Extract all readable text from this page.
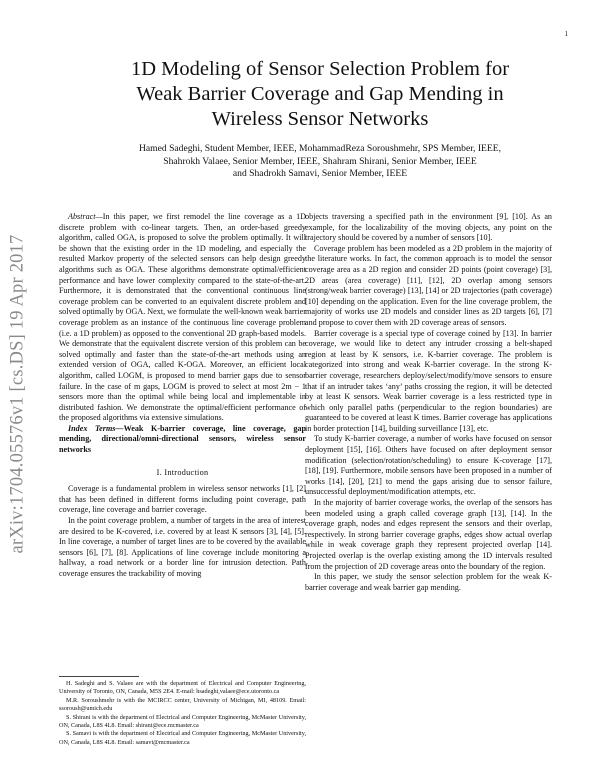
1
arXiv:1704.05576v1 [cs.DS] 19 Apr 2017
1D Modeling of Sensor Selection Problem for
Weak Barrier Coverage and Gap Mending in
Wireless Sensor Networks
Hamed Sadeghi, Student Member, IEEE, MohammadReza Soroushmehr, SPS Member, IEEE,
Shahrokh Valaee, Senior Member, IEEE, Shahram Shirani, Senior Member, IEEE
and Shadrokh Samavi, Senior Member, IEEE

Abstract—In this paper, we first remodel the line coverage as a 1D discrete problem with co-linear targets. Then, an order-based greedy algorithm, called OGA, is proposed to solve the problem optimally. It will be shown that the existing order in the 1D modeling, and especially the resulted Markov property of the selected sensors can help design greedy algorithms such as OGA. These algorithms demonstrate optimal/efficient performance and have lower complexity compared to the state-of-the-art. Furthermore, it is demonstrated that the conventional continuous line coverage problem can be converted to an equivalent discrete problem and solved optimally by OGA. Next, we formulate the well-known weak barrier coverage problem as an instance of the continuous line coverage problem (i.e. a 1D problem) as opposed to the conventional 2D graph-based models. We demonstrate that the equivalent discrete version of this problem can be solved optimally and faster than the state-of-the-art methods using an extended version of OGA, called K-OGA. Moreover, an efficient local algorithm, called LOGM, is proposed to mend barrier gaps due to sensor failure. In the case of m gaps, LOGM is proved to select at most 2m − 1 sensors more than the optimal while being local and implementable in distributed fashion. We demonstrate the optimal/efficient performance of the proposed algorithms via extensive simulations.

Index Terms—Weak K-barrier coverage, line coverage, gap mending, directional/omni-directional sensors, wireless sensor networks

I. Introduction

Coverage is a fundamental problem in wireless sensor networks [1], [2] that has been defined in different forms including point coverage, path coverage, line coverage and barrier coverage.

In the point coverage problem, a number of targets in the area of interest are desired to be K-covered, i.e. covered by at least K sensors [3], [4], [5]. In line coverage, a number of target lines are to be covered by the available sensors [6], [7], [8]. Applications of line coverage include monitoring a hallway, a road network or a border line for intrusion detection. Path coverage ensures the trackability of moving

H. Sadeghi and S. Valaee are with the department of Electrical and Computer Engineering, University of Toronto, ON, Canada, M5S 2E4. E-mail: hsadeghi,valaee@ece.utoronto.ca

M.R. Soroushmehr is with the MCIRCC center, University of Michigan, MI, 48109. Email: ssoroush@umich.edu

S. Shirani is with the department of Electrical and Computer Engineering, McMaster University, ON, Canada, L8S 4L8. Email: shirani@ece.mcmaster.ca

S. Samavi is with the department of Electrical and Computer Engineering, McMaster University, ON, Canada, L8S 4L8. Email: samavi@mcmaster.ca

objects traversing a specified path in the environment [9], [10]. As an example, for the localizability of the moving objects, any point on the trajectory should be covered by a number of sensors [10].

Coverage problem has been modeled as a 2D problem in the majority of the literature works. In fact, the common approach is to model the sensor coverage area as a 2D region and consider 2D points (point coverage) [3], 2D areas (area coverage) [11], [12], 2D overlap among sensors (strong/weak barrier coverage) [13], [14] or 2D trajectories (path coverage) [10] depending on the application. Even for the line coverage problem, the majority of works use 2D models and consider lines as 2D targets [6], [7] and propose to cover them with 2D coverage areas of sensors.

Barrier coverage is a special type of coverage coined by [13]. In barrier coverage, we would like to detect any intruder crossing a belt-shaped region at least by K sensors, i.e. K-barrier coverage. The problem is categorized into strong and weak K-barrier coverage. In the strong K-barrier coverage, researchers deploy/select/modify/move sensors to ensure that if an intruder takes ‘any’ paths crossing the region, it will be detected by at least K sensors. Weak barrier coverage is a less restricted type in which only parallel paths (perpendicular to the region boundaries) are guaranteed to be covered at least K times. Barrier coverage has applications in border protection [14], building surveillance [13], etc.

To study K-barrier coverage, a number of works have focused on sensor deployment [15], [16]. Others have focused on after deployment sensor modification (selection/rotation/scheduling) to ensure K-coverage [17], [18], [19]. Furthermore, mobile sensors have been proposed in a number of works [14], [20], [21] to mend the gaps arising due to sensor failure, unsuccessful deployment/modification attempts, etc.

In the majority of barrier coverage works, the overlap of the sensors has been modeled using a graph called coverage graph [13], [14]. In the coverage graph, nodes and edges represent the sensors and their overlap, respectively. In strong barrier coverage graphs, edges show actual overlap while in weak coverage graph they represent projected overlap [14]. Projected overlap is the overlap existing among the 1D intervals resulted from the projection of 2D coverage areas onto the boundary of the region.

In this paper, we study the sensor selection problem for the weak K-barrier coverage and weak barrier gap mending.
